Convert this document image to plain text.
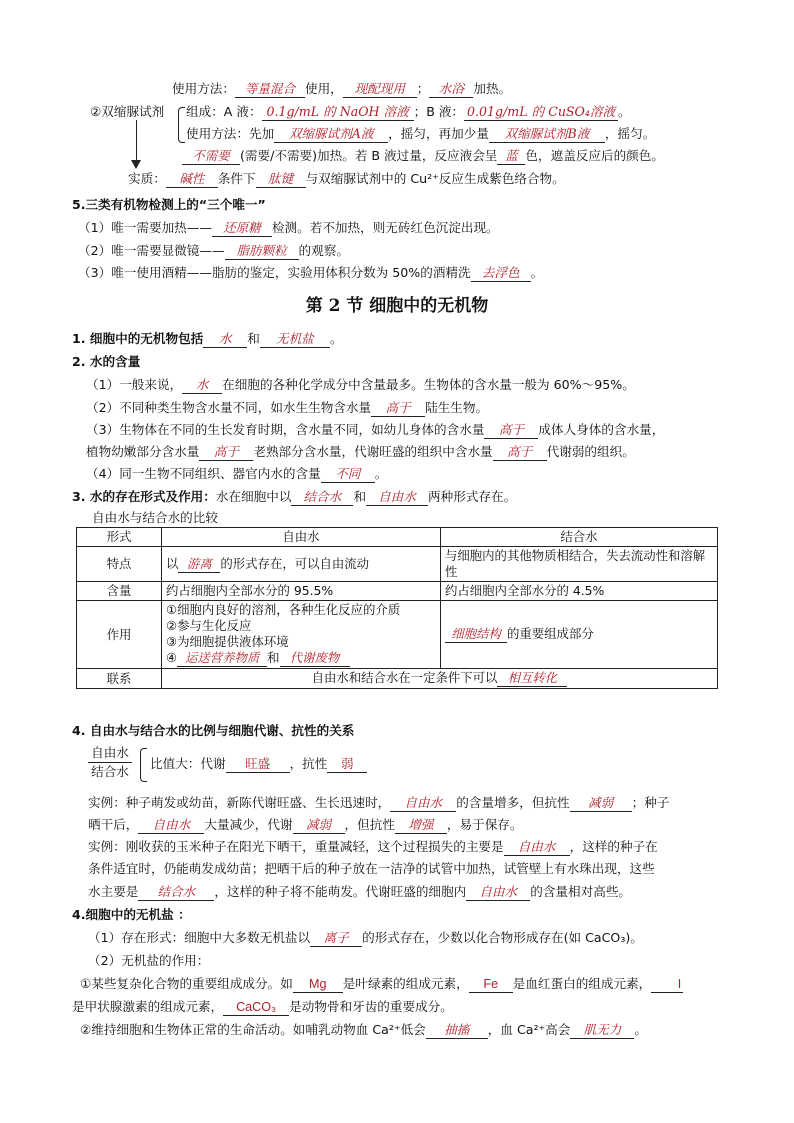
使用方法： 等量混合 使用， 现配现用 ； 水浴 加热。
②双缩脲试剂 组成：A 液： 0.1g/mL 的 NaOH 溶液 ；B 液： 0.01g/mL 的 CuSO₄溶液 。
使用方法：先加 双缩脲试剂A液 ，摇匀，再加少量 双缩脲试剂B液 ，摇匀。
不需要 (需要/不需要)加热。若 B 液过量，反应液会呈 蓝 色，遮盖反应后的颜色。
实质： 碱性 条件下 肽键 与双缩脲试剂中的 Cu²⁺反应生成紫色络合物。
5.三类有机物检测上的“三个唯一”
（1）唯一需要加热—— 还原糖 检测。若不加热，则无砖红色沉淀出现。
（2）唯一需要显微镜—— 脂肪颗粒 的观察。
（3）唯一使用酒精——脂肪的鉴定，实验用体积分数为 50%的酒精洗 去浮色 。
第 2 节 细胞中的无机物
1. 细胞中的无机物包括 水 和 无机盐 。
2. 水的含量
（1）一般来说， 水 在细胞的各种化学成分中含量最多。生物体的含水量一般为 60%～95%。
（2）不同种类生物含水量不同，如水生生物含水量 高于 陆生生物。
（3）生物体在不同的生长发育时期，含水量不同，如幼儿身体的含水量 高于 成体人身体的含水量，
植物幼嫩部分含水量 高于 老熟部分含水量，代谢旺盛的组织中含水量 高于 代谢弱的组织。
（4）同一生物不同组织、器官内水的含量 不同 。
3. 水的存在形式及作用：水在细胞中以 结合水 和 自由水 两种形式存在。
自由水与结合水的比较
形式	自由水	结合水
特点	以 游离 的形式存在，可以自由流动	与细胞内的其他物质相结合，失去流动性和溶解性
含量	约占细胞内全部水分的 95.5%	约占细胞内全部水分的 4.5%
作用	①细胞内良好的溶剂，各种生化反应的介质
②参与生化反应
③为细胞提供液体环境
④ 运送营养物质 和 代谢废物	细胞结构 的重要组成部分
联系	自由水和结合水在一定条件下可以 相互转化	
4. 自由水与结合水的比例与细胞代谢、抗性的关系
自由水
结合水
比值大：代谢 旺盛 ，抗性 弱
实例：种子萌发或幼苗，新陈代谢旺盛、生长迅速时， 自由水 的含量增多，但抗性 减弱 ；种子
晒干后， 自由水 大量减少，代谢 减弱 ，但抗性 增强 ，易于保存。
实例：刚收获的玉米种子在阳光下晒干，重量减轻，这个过程损失的主要是 自由水 ，这样的种子在
条件适宜时，仍能萌发成幼苗；把晒干后的种子放在一洁净的试管中加热，试管壁上有水珠出现，这些
水主要是 结合水 ，这样的种子将不能萌发。代谢旺盛的细胞内 自由水 的含量相对高些。
4.细胞中的无机盐 ：
（1）存在形式：细胞中大多数无机盐以 离子 的形式存在，少数以化合物形成存在(如 CaCO₃)。
（2）无机盐的作用：
①某些复杂化合物的重要组成成分。如 Mg 是叶绿素的组成元素， Fe 是血红蛋白的组成元素， I
是甲状腺激素的组成元素， CaCO₃ 是动物骨和牙齿的重要成分。
②维持细胞和生物体正常的生命活动。如哺乳动物血 Ca²⁺低会 抽搐 ，血 Ca²⁺高会 肌无力 。
